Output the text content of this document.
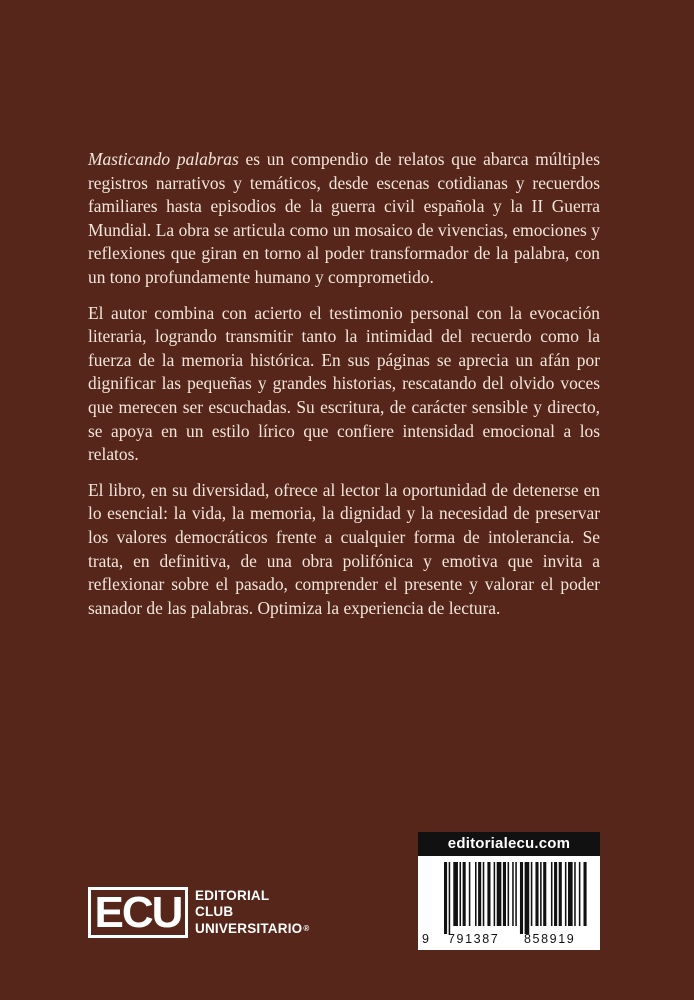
Masticando palabras es un compendio de relatos que abarca múltiples registros narrativos y temáticos, desde escenas cotidianas y recuerdos familiares hasta episodios de la guerra civil española y la II Guerra Mundial. La obra se articula como un mosaico de vivencias, emociones y reflexiones que giran en torno al poder transformador de la palabra, con un tono profundamente humano y comprometido.

El autor combina con acierto el testimonio personal con la evocación literaria, logrando transmitir tanto la intimidad del recuerdo como la fuerza de la memoria histórica. En sus páginas se aprecia un afán por dignificar las pequeñas y grandes historias, rescatando del olvido voces que merecen ser escuchadas. Su escritura, de carácter sensible y directo, se apoya en un estilo lírico que confiere intensidad emocional a los relatos.

El libro, en su diversidad, ofrece al lector la oportunidad de detenerse en lo esencial: la vida, la memoria, la dignidad y la necesidad de preservar los valores democráticos frente a cualquier forma de intolerancia. Se trata, en definitiva, de una obra polifónica y emotiva que invita a reflexionar sobre el pasado, comprender el presente y valorar el poder sanador de las palabras. Optimiza la experiencia de lectura.

ECU EDITORIAL
CLUB
UNIVERSITARIO®
editorialecu.com
9 791387 858919
